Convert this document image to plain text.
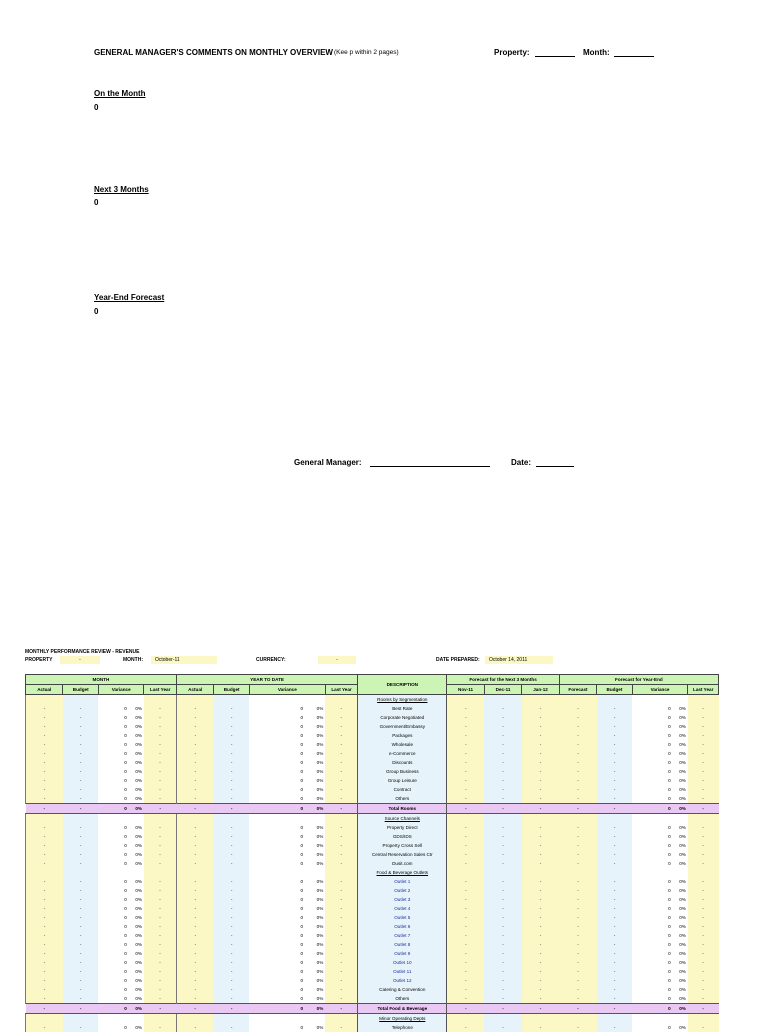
GENERAL MANAGER'S COMMENTS ON MONTHLY OVERVIEW (Kee p within 2 pages)	Property:	Month:
On the Month
0
Next 3 Months
0
Year-End Forecast
0
General Manager:	Date:
MONTHLY PERFORMANCE REVIEW - REVENUE
PROPERTY	-	MONTH:	October-11	CURRENCY:	-	DATE PREPARED:	October 14, 2011
MONTH					YEAR TO DATE					DESCRIPTION	Forecast for the Next 3 Months			Forecast for Year-End				
Actual	Budget	Variance		Last Year	Actual	Budget	Variance		Last Year		Nov-11	Dec-11	Jan-12	Forecast	Budget	Variance		Last Year
										Rooms by Segmentation								
-	-	0	0%	-	-	-	0	0%	-	Best Rate	-	-	-	-	-	0	0%	-
-	-	0	0%	-	-	-	0	0%	-	Corporate Negotiated	-	-	-	-	-	0	0%	-
-	-	0	0%	-	-	-	0	0%	-	Government/Embassy	-	-	-	-	-	0	0%	-
-	-	0	0%	-	-	-	0	0%	-	Packages	-	-	-	-	-	0	0%	-
-	-	0	0%	-	-	-	0	0%	-	Wholesale	-	-	-	-	-	0	0%	-
-	-	0	0%	-	-	-	0	0%	-	e-Commerce	-	-	-	-	-	0	0%	-
-	-	0	0%	-	-	-	0	0%	-	Discounts	-	-	-	-	-	0	0%	-
-	-	0	0%	-	-	-	0	0%	-	Group Business	-	-	-	-	-	0	0%	-
-	-	0	0%	-	-	-	0	0%	-	Group Leisure	-	-	-	-	-	0	0%	-
-	-	0	0%	-	-	-	0	0%	-	Contract	-	-	-	-	-	0	0%	-
-	-	0	0%	-	-	-	0	0%	-	Others	-	-	-	-	-	0	0%	-
-	-	0	0%	-	-	-	0	0%	-	Total Rooms	-	-	-	-	-	0	0%	-
										Source Channels								
-	-	0	0%	-	-	-	0	0%	-	Property Direct	-	-	-	-	-	0	0%	-
-	-	0	0%	-	-	-	0	0%	-	GDS/IDS	-	-	-	-	-	0	0%	-
-	-	0	0%	-	-	-	0	0%	-	Property Cross Sell	-	-	-	-	-	0	0%	-
-	-	0	0%	-	-	-	0	0%	-	Central Reservation Sales Ctr	-	-	-	-	-	0	0%	-
-	-	0	0%	-	-	-	0	0%	-	Dusit.com	-	-	-	-	-	0	0%	-
										Food & Beverage Outlets								
-	-	0	0%	-	-	-	0	0%	-	Outlet 1	-	-	-	-	-	0	0%	-
-	-	0	0%	-	-	-	0	0%	-	Outlet 2	-	-	-	-	-	0	0%	-
-	-	0	0%	-	-	-	0	0%	-	Outlet 3	-	-	-	-	-	0	0%	-
-	-	0	0%	-	-	-	0	0%	-	Outlet 4	-	-	-	-	-	0	0%	-
-	-	0	0%	-	-	-	0	0%	-	Outlet 5	-	-	-	-	-	0	0%	-
-	-	0	0%	-	-	-	0	0%	-	Outlet 6	-	-	-	-	-	0	0%	-
-	-	0	0%	-	-	-	0	0%	-	Outlet 7	-	-	-	-	-	0	0%	-
-	-	0	0%	-	-	-	0	0%	-	Outlet 8	-	-	-	-	-	0	0%	-
-	-	0	0%	-	-	-	0	0%	-	Outlet 9	-	-	-	-	-	0	0%	-
-	-	0	0%	-	-	-	0	0%	-	Outlet 10	-	-	-	-	-	0	0%	-
-	-	0	0%	-	-	-	0	0%	-	Outlet 11	-	-	-	-	-	0	0%	-
-	-	0	0%	-	-	-	0	0%	-	Outlet 12	-	-	-	-	-	0	0%	-
-	-	0	0%	-	-	-	0	0%	-	Catering & Convention	-	-	-	-	-	0	0%	-
-	-	0	0%	-	-	-	0	0%	-	Others	-	-	-	-	-	0	0%	-
-	-	0	0%	-	-	-	0	0%	-	Total Food & Beverage	-	-	-	-	-	0	0%	-
										Minor Operating Depts								
-	-	0	0%	-	-	-	0	0%	-	Telephone	-	-	-	-	-	0	0%	-
